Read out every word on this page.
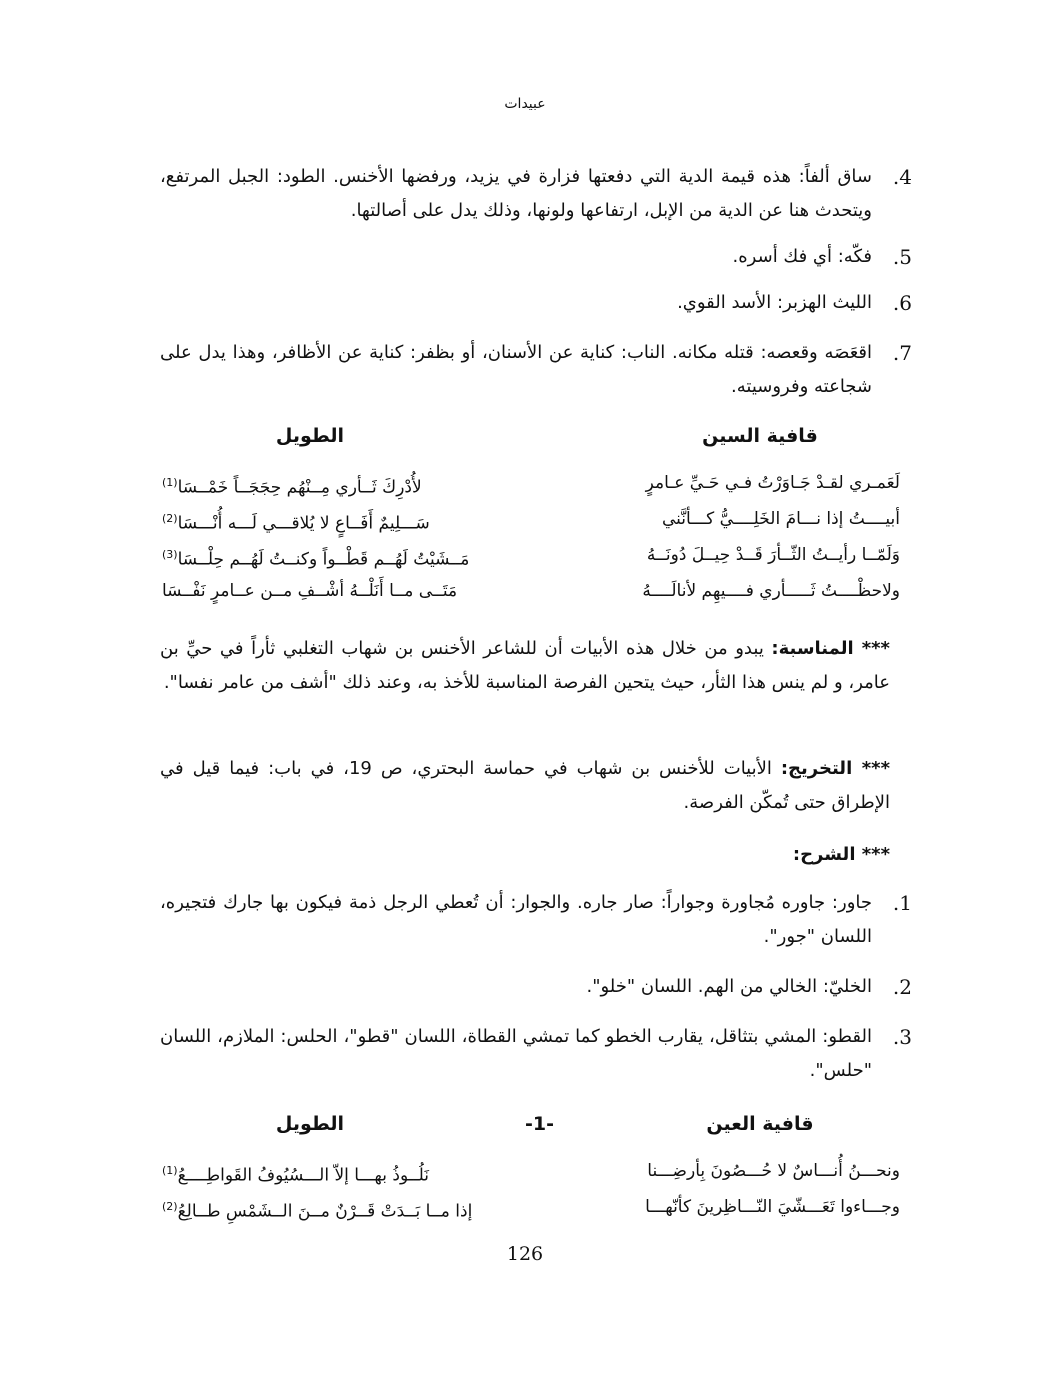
عبيدات
4.
ساق ألفاً: هذه قيمة الدية التي دفعتها فزارة في يزيد، ورفضها الأخنس. الطود: الجبل المرتفع، ويتحدث هنا عن الدية من الإبل، ارتفاعها ولونها، وذلك يدل على أصالتها.
5.
فكّه: أي فك أسره.
6.
الليث الهزبر: الأسد القوي.
7.
اقعَصَه وقعصه: قتله مكانه. الناب: كناية عن الأسنان، أو بظفر: كناية عن الأظافر، وهذا يدل على شجاعته وفروسيته.
قافية السين
الطويل
لَعَمـري لقـدْ جَـاوَرْتُ فـي حَـيِّ عـامرٍ
لأُدْرِكَ ثَــأري مِــنْهُم حِجَجَــاً خَمْــسَا$^{(1)}$
أبيــــتُ إذا نـــامَ الخَلِــــيُّ كـــأنَّني
سَـــلِيمٌ أَفَــاعٍ لا يُلاقـــي لَـــه أُنْـــسَا$^{(2)}$
وَلَمّــا رأيــتُ الثّــأرَ قَــدْ حِيــلَ دُونَــهُ
مَــشَيْتُ لَهُــم قَطْــواً وكنــتُ لَهُــم حِلْــسَا$^{(3)}$
ولاحظْــــتُ ثَـــــأري فــــيهِم لأنالَــــهُ
مَتَــى مــا أَنَلْــهُ أشْــفِ مــن عــامرٍ نَفْــسَا
*** المناسبة: يبدو من خلال هذه الأبيات أن للشاعر الأخنس بن شهاب التغلبي ثأراً في حيِّ بن عامر، و لم ينس هذا الثأر، حيث يتحين الفرصة المناسبة للأخذ به، وعند ذلك "أشف من عامر نفسا".
*** التخريج: الأبيات للأخنس بن شهاب في حماسة البحتري، ص 19، في باب: فيما قيل في الإطراق حتى تُمكّن الفرصة.
*** الشرح:
1.
جاور: جاوره مُجاورة وجواراً: صار جاره. والجوار: أن تُعطي الرجل ذمة فيكون بها جارك فتجيره، اللسان "جور".
2.
الخليّ: الخالي من الهم. اللسان "خلو".
3.
القطو: المشي بتثاقل، يقارب الخطو كما تمشي القطاة، اللسان "قطو"، الحلس: الملازم، اللسان "حلس".
قافية العين
-1-
الطويل
ونحـــنُ أُنـــاسٌ لا حُـــصُونَ بِأرضِـــنا
نَلُــوذُ بهـــا إلاّ الـــسُيُوفُ القَواطِــــعُ$^{(1)}$
وجـــاءوا تَعَـــشّيَ النّـــاظِرينَ كأنّهـــا
إذا مــا بَــدَتْ قَــرْنٌ مــنَ الــشَمْسِ طــالِعُ$^{(2)}$
126
